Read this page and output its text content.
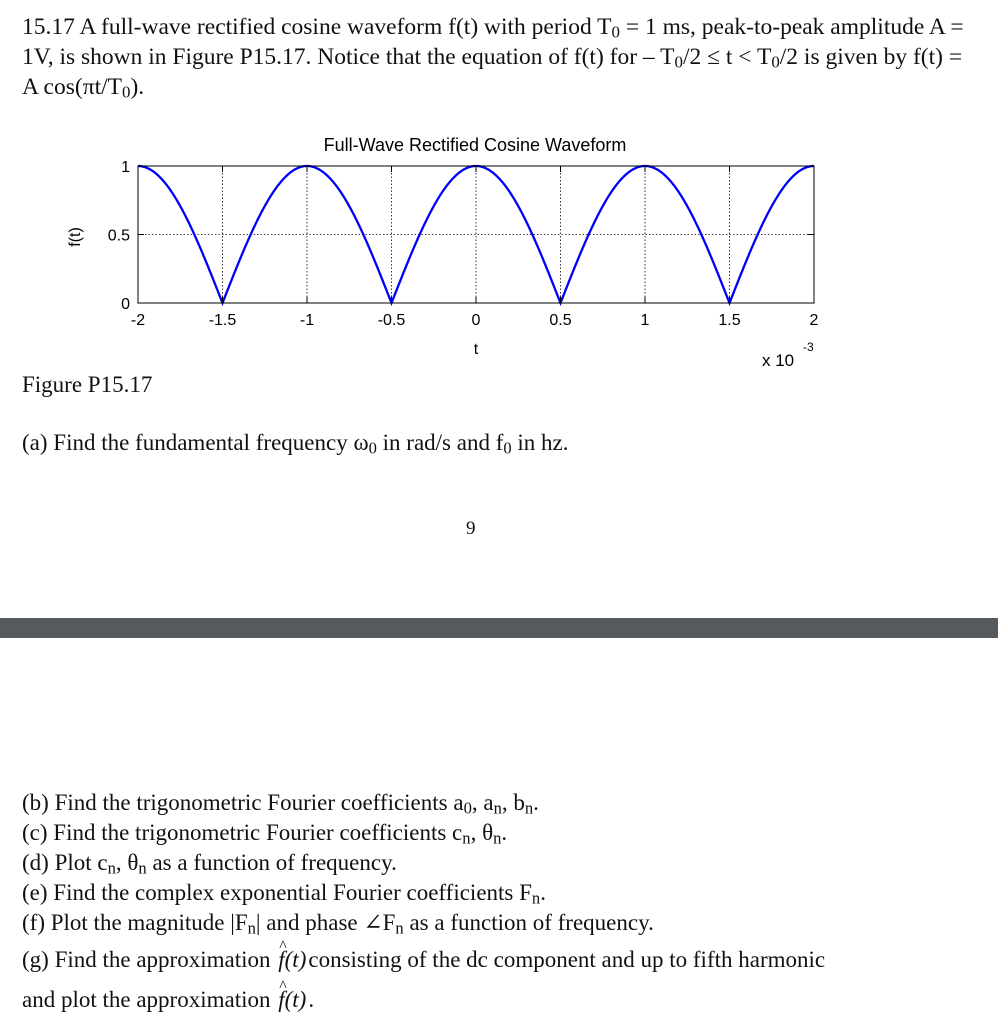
15.17 A full-wave rectified cosine waveform f(t) with period T0 = 1 ms, peak-to-peak amplitude A = 1V, is shown in Figure P15.17. Notice that the equation of f(t) for – T0/2 ≤ t < T0/2 is given by f(t) = A cos(πt/T0).

Full-Wave Rectified Cosine Waveform
-2	-1.5	-1	-0.5	0	0.5	1	1.5	2
0
0.5
1
t
f(t)
x 10
-3

Figure P15.17

(a) Find the fundamental frequency $\omega_0$ in rad/s and $f_0$ in hz.

9
(b) Find the trigonometric Fourier coefficients $a_0$, $a_n$, $b_n$.
(c) Find the trigonometric Fourier coefficients $c_n$, $\theta_n$.
(d) Plot $c_n$, $\theta_n$ as a function of frequency.
(e) Find the complex exponential Fourier coefficients $F_n$.
(f) Plot the magnitude $|F_n|$ and phase $\angle F_n$ as a function of frequency.
(g) Find the approximation ^ f(t)consisting of the dc component and up to fifth harmonic
and plot the approximation ^ f(t).
